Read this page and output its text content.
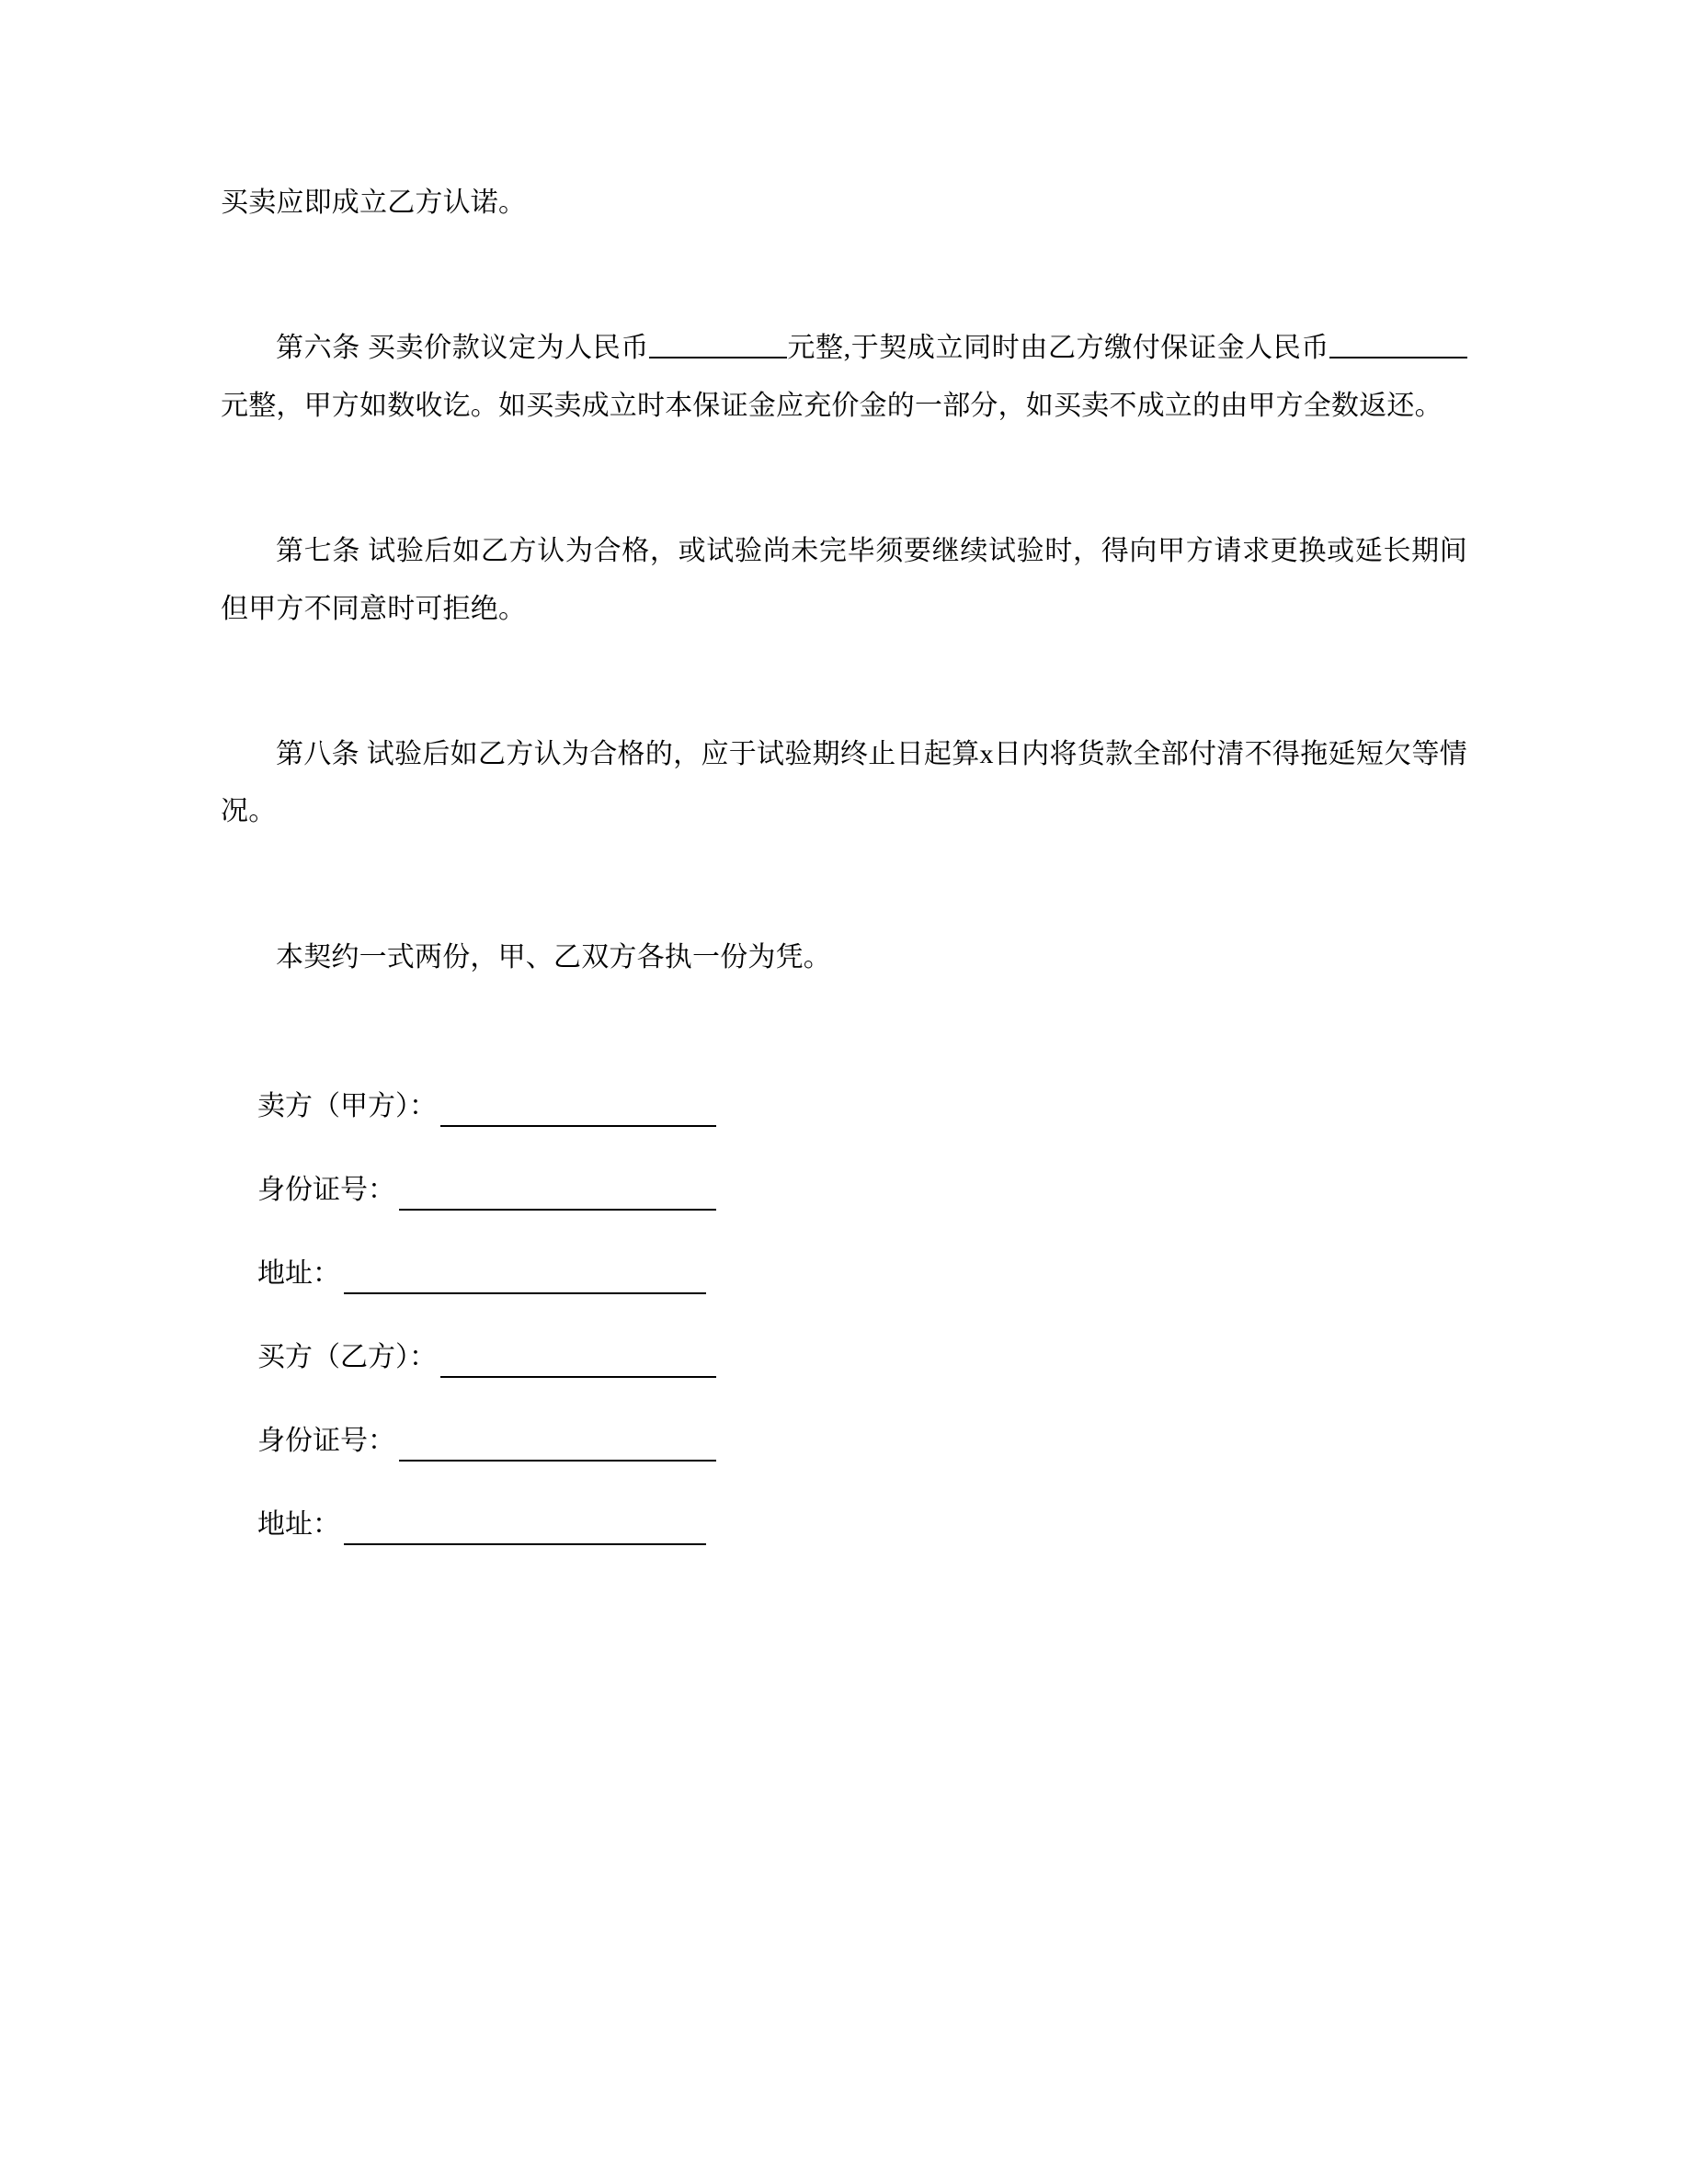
买卖应即成立乙方认诺。

第六条 买卖价款议定为人民币	元整,于契成立同时由乙方缴付保证金人民币元整，甲方如数收讫。如买卖成立时本保证金应充价金的一部分，如买卖不成立的由甲方全数返还。

第七条 试验后如乙方认为合格，或试验尚未完毕须要继续试验时，得向甲方请求更换或延长期间但甲方不同意时可拒绝。

第八条 试验后如乙方认为合格的，应于试验期终止日起算x日内将货款全部付清不得拖延短欠等情况。

本契约一式两份，甲、乙双方各执一份为凭。

卖方（甲方）：
身份证号：
地址：
买方（乙方）：
身份证号：
地址：
